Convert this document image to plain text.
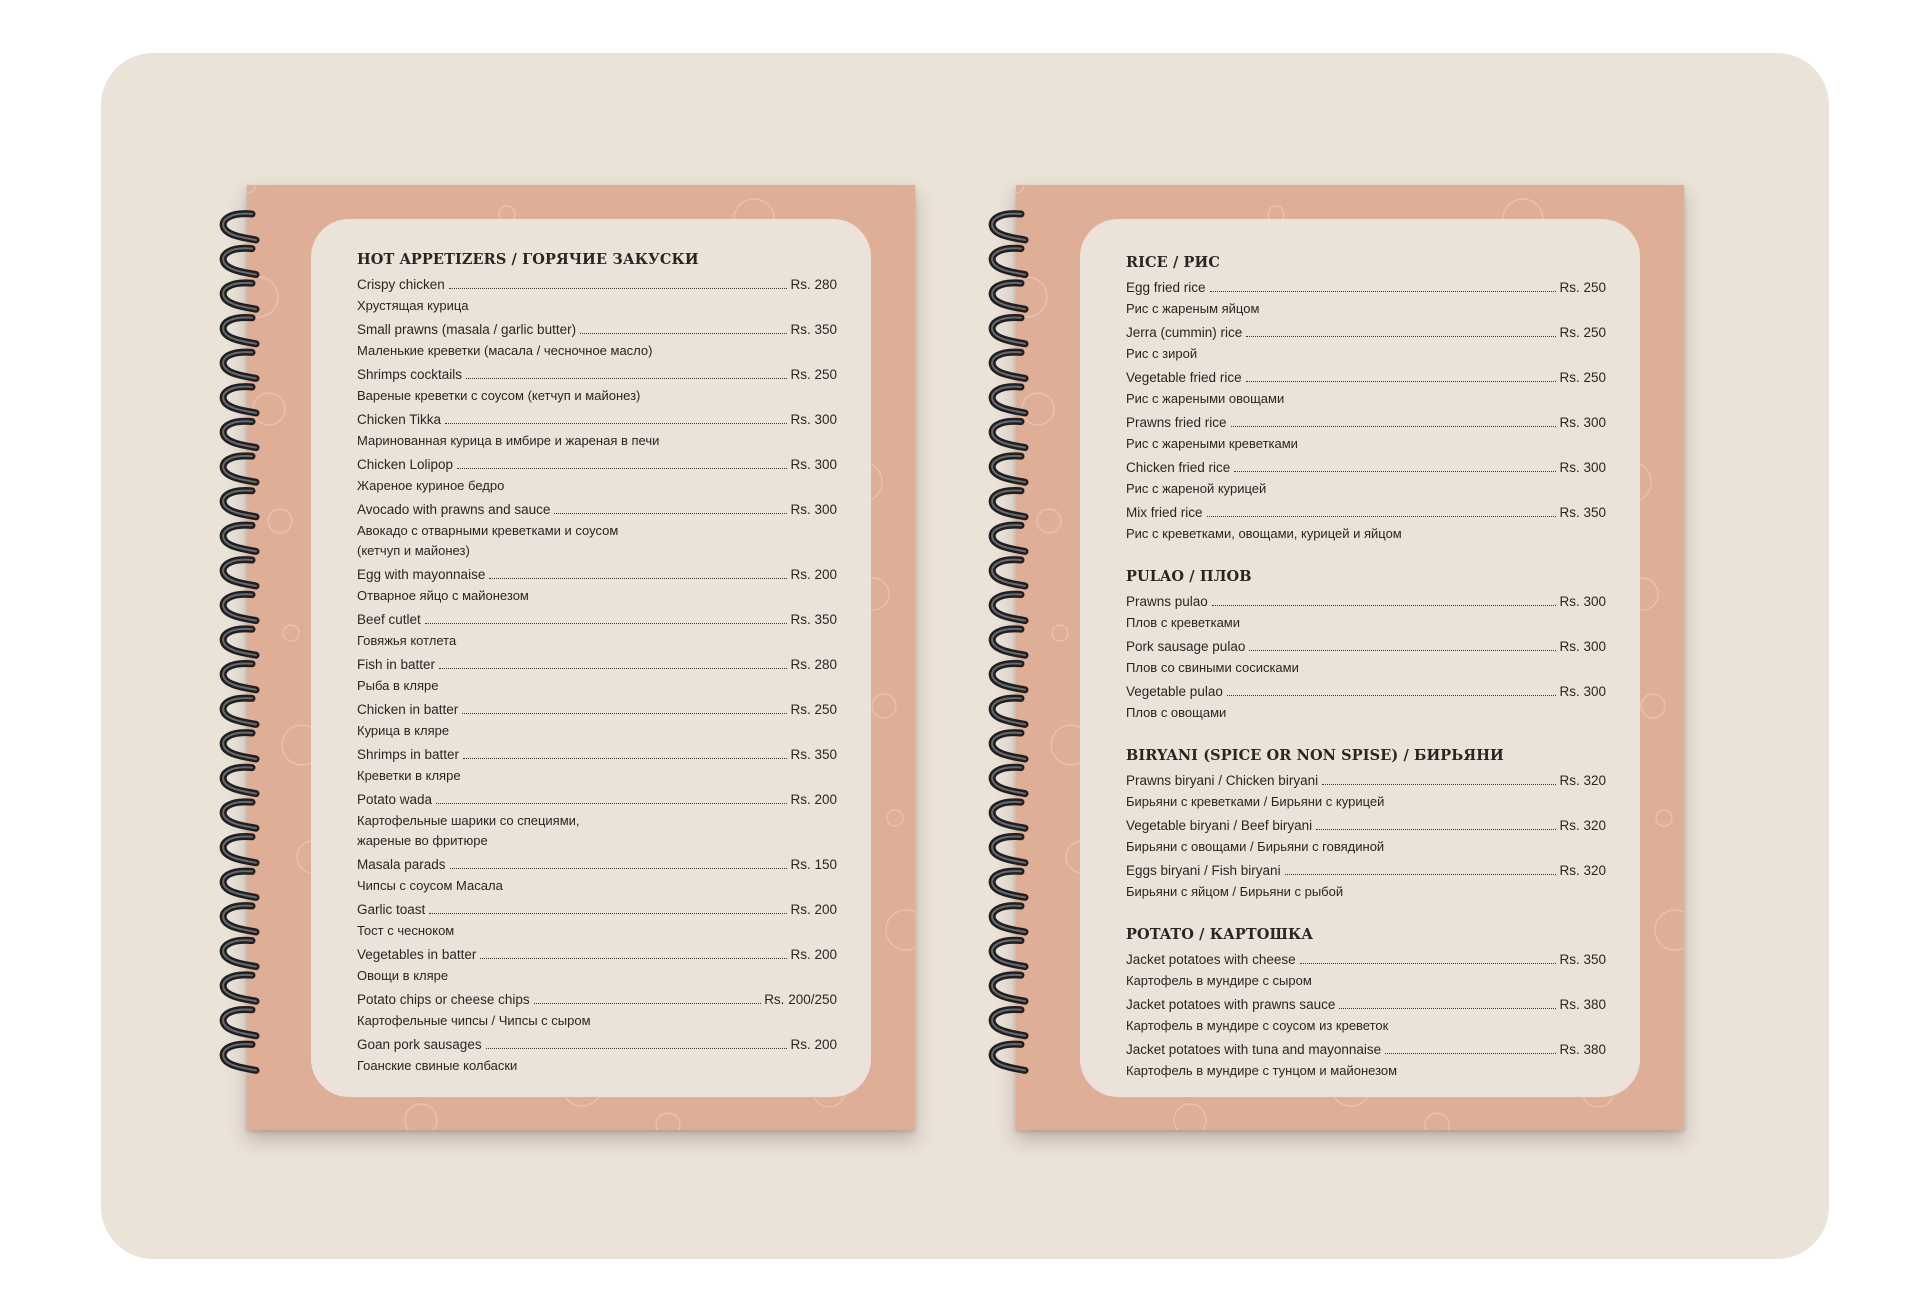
HOT APPETIZERS / ГОРЯЧИЕ ЗАКУСКИ
Crispy chicken	Rs. 280
Хрустящая курица
Small prawns (masala / garlic butter)	Rs. 350
Маленькие креветки (масала / чесночное масло)
Shrimps cocktails	Rs. 250
Вареные креветки с соусом (кетчуп и майонез)
Chicken Tikka	Rs. 300
Маринованная курица в имбире и жареная в печи
Chicken Lolipop	Rs. 300
Жареное куриное бедро
Avocado with prawns and sauce	Rs. 300
Авокадо с отварными креветками и соусом
(кетчуп и майонез)
Egg with mayonnaise	Rs. 200
Отварное яйцо с майонезом
Beef cutlet	Rs. 350
Говяжья котлета
Fish in batter	Rs. 280
Рыба в кляре
Chicken in batter	Rs. 250
Курица в кляре
Shrimps in batter	Rs. 350
Креветки в кляре
Potato wada	Rs. 200
Картофельные шарики со специями,
жареные во фритюре
Masala parads	Rs. 150
Чипсы с соусом Масала
Garlic toast	Rs. 200
Тост с чесноком
Vegetables in batter	Rs. 200
Овощи в кляре
Potato chips or cheese chips	Rs. 200/250
Картофельные чипсы / Чипсы с сыром
Goan pork sausages	Rs. 200
Гоанские свиные колбаски
RICE / РИС
Egg fried rice	Rs. 250
Рис с жареным яйцом
Jerra (cummin) rice	Rs. 250
Рис с зирой
Vegetable fried rice	Rs. 250
Рис с жареными овощами
Prawns fried rice	Rs. 300
Рис с жареными креветками
Chicken fried rice	Rs. 300
Рис с жареной курицей
Mix fried rice	Rs. 350
Рис с креветками, овощами, курицей и яйцом
PULAO / ПЛОВ
Prawns pulao	Rs. 300
Плов с креветками
Pork sausage pulao	Rs. 300
Плов со свиными сосисками
Vegetable pulao	Rs. 300
Плов с овощами
BIRYANI (SPICE OR NON SPISE) / БИРЬЯНИ
Prawns biryani / Chicken biryani	Rs. 320
Бирьяни с креветками / Бирьяни с курицей
Vegetable biryani / Beef biryani	Rs. 320
Бирьяни с овощами / Бирьяни с говядиной
Eggs biryani / Fish biryani	Rs. 320
Бирьяни с яйцом / Бирьяни с рыбой
POTATO / КАРТОШКА
Jacket potatoes with cheese	Rs. 350
Картофель в мундире с сыром
Jacket potatoes with prawns sauce	Rs. 380
Картофель в мундире с соусом из креветок
Jacket potatoes with tuna and mayonnaise	Rs. 380
Картофель в мундире с тунцом и майонезом
